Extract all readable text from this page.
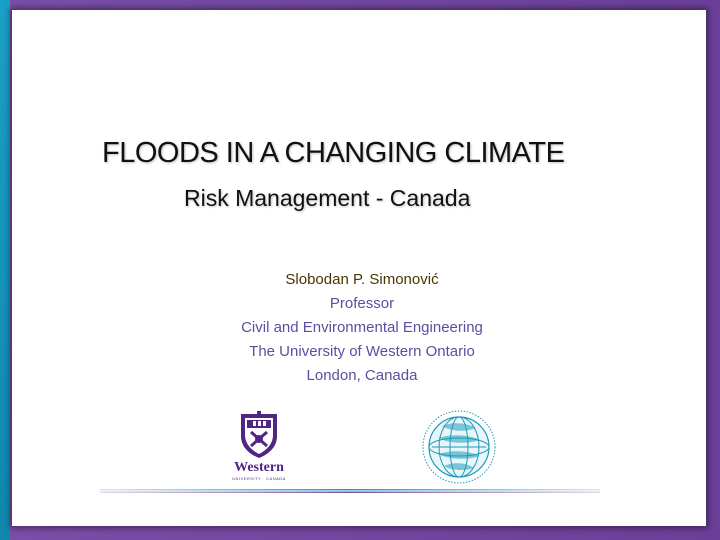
FLOODS IN A CHANGING CLIMATE
Risk Management - Canada
Slobodan P. Simonović
Professor
Civil and Environmental Engineering
The University of Western Ontario
London, Canada
Western
UNIVERSITY · CANADA
